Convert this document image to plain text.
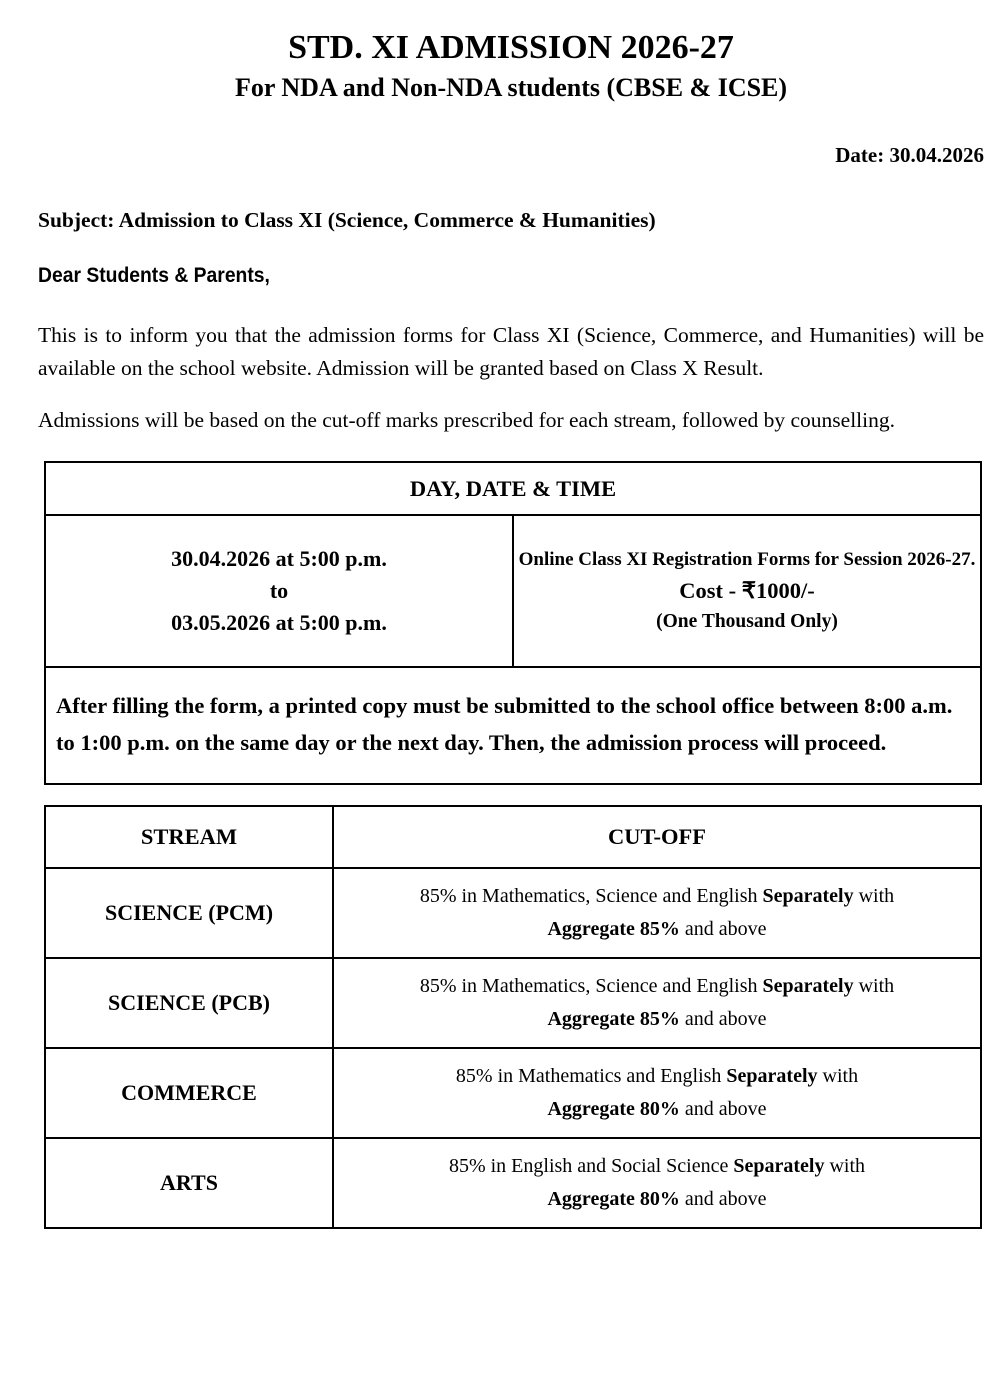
STD. XI ADMISSION 2026-27
For NDA and Non-NDA students (CBSE & ICSE)
Date: 30.04.2026
Subject: Admission to Class XI (Science, Commerce & Humanities)
Dear Students & Parents,
This is to inform you that the admission forms for Class XI (Science, Commerce, and Humanities) will be available on the school website. Admission will be granted based on Class X Result.
Admissions will be based on the cut-off marks prescribed for each stream, followed by counselling.
DAY, DATE & TIME

30.04.2026 at 5:00 p.m.
to
03.05.2026 at 5:00 p.m.

Online Class XI Registration Forms for Session 2026-27.
Cost - ₹1000/-
(One Thousand Only)

After filling the form, a printed copy must be submitted to the school office between 8:00 a.m. to 1:00 p.m. on the same day or the next day. Then, the admission process will proceed.
STREAM	CUT-OFF
SCIENCE (PCM)	85% in Mathematics, Science and English Separately with
Aggregate 85% and above

SCIENCE (PCB)	85% in Mathematics, Science and English Separately with
Aggregate 85% and above

COMMERCE	85% in Mathematics and English Separately with
Aggregate 80% and above

ARTS	85% in English and Social Science Separately with
Aggregate 80% and above
